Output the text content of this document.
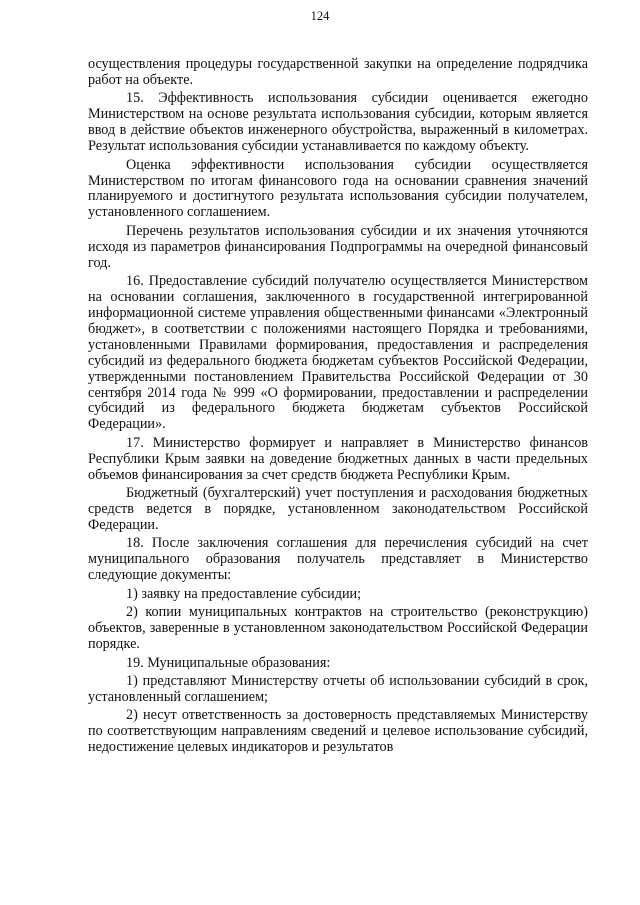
124

осуществления процедуры государственной закупки на определение подрядчика работ на объекте.

15. Эффективность использования субсидии оценивается ежегодно Министерством на основе результата использования субсидии, которым является ввод в действие объектов инженерного обустройства, выраженный в километрах. Результат использования субсидии устанавливается по каждому объекту.

Оценка эффективности использования субсидии осуществляется Министерством по итогам финансового года на основании сравнения значений планируемого и достигнутого результата использования субсидии получателем, установленного соглашением.

Перечень результатов использования субсидии и их значения уточняются исходя из параметров финансирования Подпрограммы на очередной финансовый год.

16. Предоставление субсидий получателю осуществляется Министерством на основании соглашения, заключенного в государственной интегрированной информационной системе управления общественными финансами «Электронный бюджет», в соответствии с положениями настоящего Порядка и требованиями, установленными Правилами формирования, предоставления и распределения субсидий из федерального бюджета бюджетам субъектов Российской Федерации, утвержденными постановлением Правительства Российской Федерации от 30 сентября 2014 года № 999 «О формировании, предоставлении и распределении субсидий из федерального бюджета бюджетам субъектов Российской Федерации».

17. Министерство формирует и направляет в Министерство финансов Республики Крым заявки на доведение бюджетных данных в части предельных объемов финансирования за счет средств бюджета Республики Крым.

Бюджетный (бухгалтерский) учет поступления и расходования бюджетных средств ведется в порядке, установленном законодательством Российской Федерации.

18. После заключения соглашения для перечисления субсидий на счет муниципального образования получатель представляет в Министерство следующие документы:

1) заявку на предоставление субсидии;

2) копии муниципальных контрактов на строительство (реконструкцию) объектов, заверенные в установленном законодательством Российской Федерации порядке.

19. Муниципальные образования:

1) представляют Министерству отчеты об использовании субсидий в срок, установленный соглашением;

2) несут ответственность за достоверность представляемых Министерству по соответствующим направлениям сведений и целевое использование субсидий, недостижение целевых индикаторов и результатов
